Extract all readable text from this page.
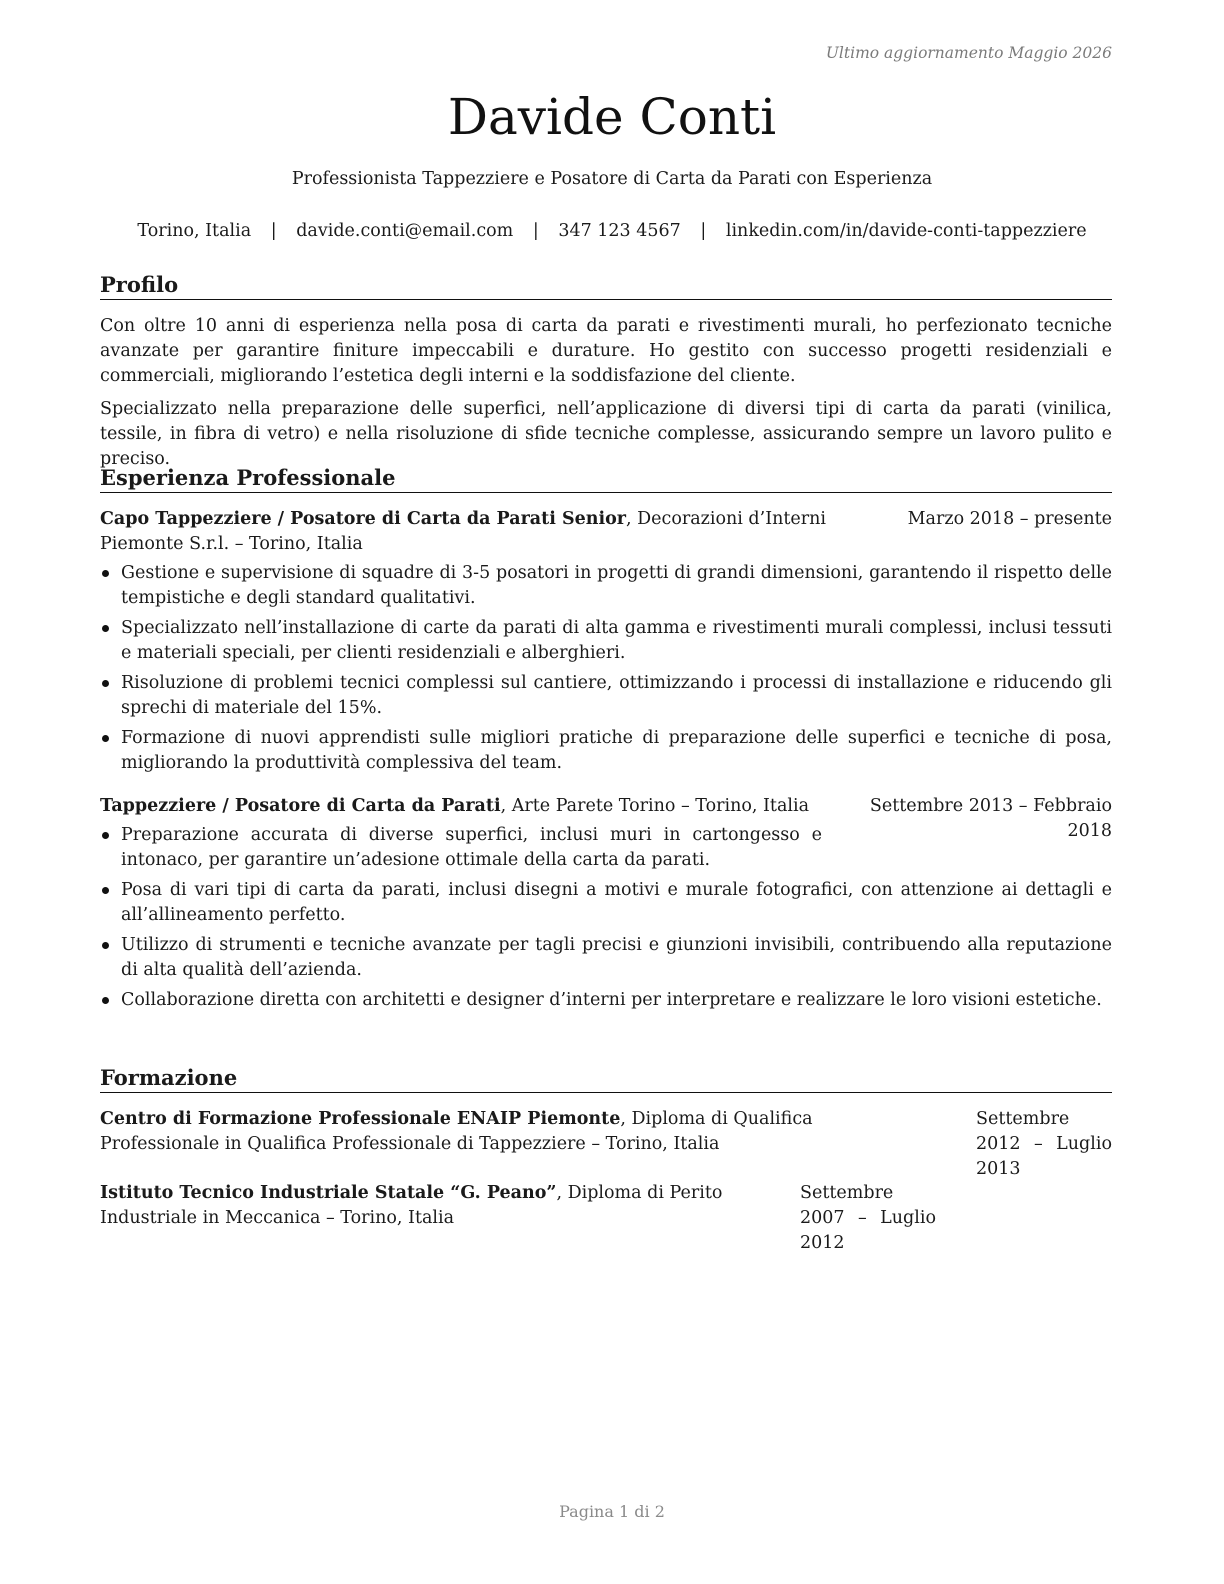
Ultimo aggiornamento Maggio 2026
Davide Conti
Professionista Tappezziere e Posatore di Carta da Parati con Esperienza
Torino, Italia | davide.conti@email.com | 347 123 4567 | linkedin.com/in/davide-conti-tappezziere
Profilo

Con oltre 10 anni di esperienza nella posa di carta da parati e rivestimenti murali, ho perfezionato tecniche avanzate per garantire finiture impeccabili e durature. Ho gestito con successo progetti residenziali e commerciali, migliorando l’estetica degli interni e la soddisfazione del cliente.

Specializzato nella preparazione delle superfici, nell’applicazione di diversi tipi di carta da parati (vinilica, tessile, in fibra di vetro) e nella risoluzione di sfide tecniche complesse, assicurando sempre un lavoro pulito e preciso.

Esperienza Professionale
Marzo 2018 – presente
Capo Tappezziere / Posatore di Carta da Parati Senior, Decorazioni d’Interni Piemonte S.r.l. – Torino, Italia
Gestione e supervisione di squadre di 3-5 posatori in progetti di grandi dimensioni, garantendo il rispetto delle tempistiche e degli standard qualitativi.
Specializzato nell’installazione di carte da parati di alta gamma e rivestimenti murali complessi, inclusi tessuti e materiali speciali, per clienti residenziali e alberghieri.
Risoluzione di problemi tecnici complessi sul cantiere, ottimizzando i processi di installazione e riducendo gli sprechi di materiale del 15%.
Formazione di nuovi apprendisti sulle migliori pratiche di preparazione delle superfici e tecniche di posa, migliorando la produttività complessiva del team.
Settembre 2013 – Febbraio 2018
Tappezziere / Posatore di Carta da Parati, Arte Parete Torino – Torino, Italia
Preparazione accurata di diverse superfici, inclusi muri in cartongesso e intonaco, per garantire un’adesione ottimale della carta da parati.
Posa di vari tipi di carta da parati, inclusi disegni a motivi e murale fotografici, con attenzione ai dettagli e all’allineamento perfetto.
Utilizzo di strumenti e tecniche avanzate per tagli precisi e giunzioni invisibili, contribuendo alla reputazione di alta qualità dell’azienda.
Collaborazione diretta con architetti e designer d’interni per interpretare e realizzare le loro visioni estetiche.
Formazione
Settembre 2012 – Luglio 2013
Centro di Formazione Professionale ENAIP Piemonte, Diploma di Qualifica Professionale in Qualifica Professionale di Tappezziere – Torino, Italia
Settembre 2007 – Luglio 2012
Istituto Tecnico Industriale Statale “G. Peano”, Diploma di Perito Industriale in Meccanica – Torino, Italia
Pagina 1 di 2
